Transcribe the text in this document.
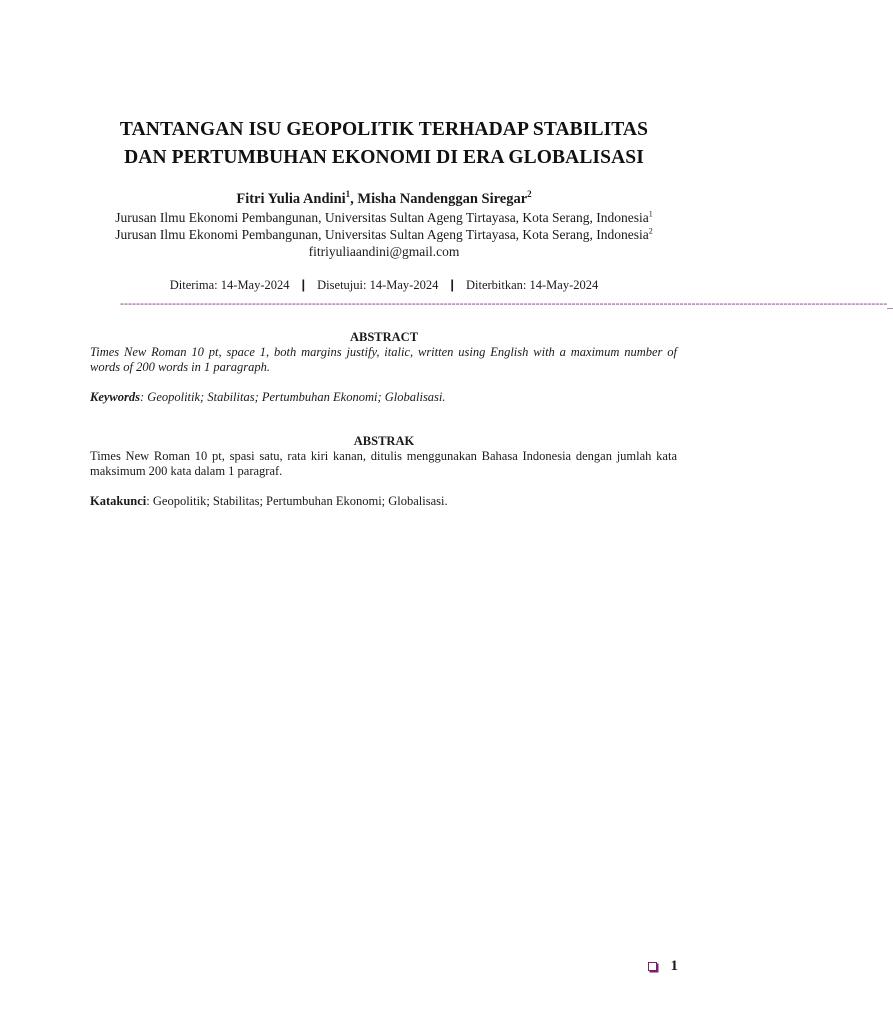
TANTANGAN ISU GEOPOLITIK TERHADAP STABILITAS
DAN PERTUMBUHAN EKONOMI DI ERA GLOBALISASI
Fitri Yulia Andini$^1$, Misha Nandenggan Siregar$^2$
Jurusan Ilmu Ekonomi Pembangunan, Universitas Sultan Ageng Tirtayasa, Kota Serang, Indonesia$^1$
Jurusan Ilmu Ekonomi Pembangunan, Universitas Sultan Ageng Tirtayasa, Kota Serang, Indonesia$^2$
fitriyuliaandini@gmail.com
Diterima: 14-May-2024 | Disetujui: 14-May-2024 | Diterbitkan: 14-May-2024
------------------------------------------------------------------------------------------------------------------------------------------------------------------------------------------------_
ABSTRACT
Times New Roman 10 pt, space 1, both margins justify, italic, written using English with a maximum number of words of 200 words in 1 paragraph.
Keywords: Geopolitik; Stabilitas; Pertumbuhan Ekonomi; Globalisasi.
ABSTRAK
Times New Roman 10 pt, spasi satu, rata kiri kanan, ditulis menggunakan Bahasa Indonesia dengan jumlah kata maksimum 200 kata dalam 1 paragraf.
Katakunci: Geopolitik; Stabilitas; Pertumbuhan Ekonomi; Globalisasi.
1
